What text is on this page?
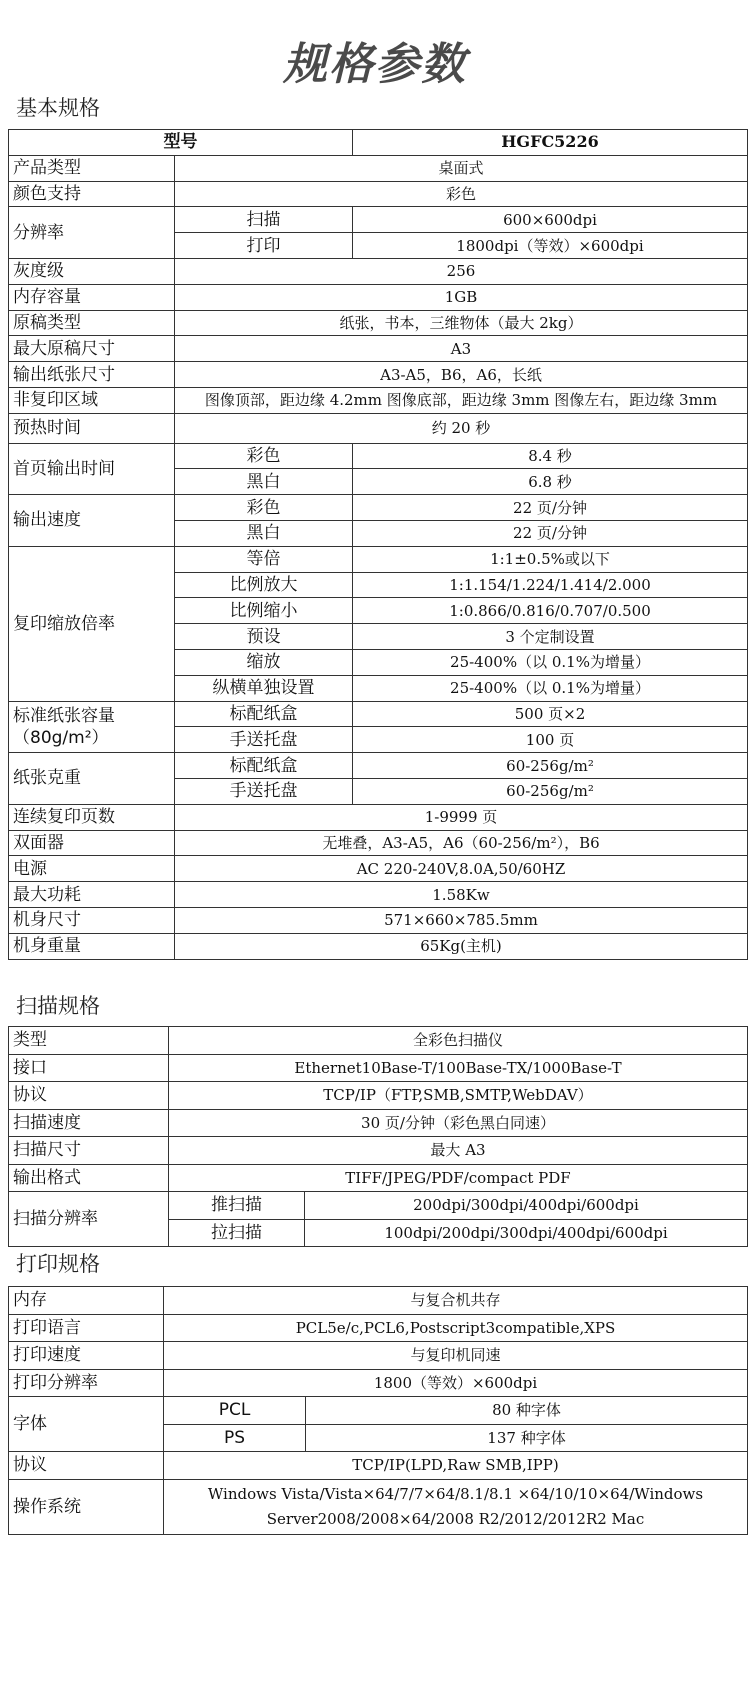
规格参数
基本规格
型号		HGFC5226
产品类型	桌面式	
颜色支持	彩色	
分辨率	扫描	600×600dpi
	打印	1800dpi（等效）×600dpi
灰度级	256	
内存容量	1GB	
原稿类型	纸张，书本，三维物体（最大 2kg）	
最大原稿尺寸	A3	
输出纸张尺寸	A3-A5，B6，A6，长纸	
非复印区域	图像顶部，距边缘 4.2mm 图像底部，距边缘 3mm 图像左右，距边缘 3mm	
预热时间	约 20 秒	
首页输出时间	彩色	8.4 秒
	黑白	6.8 秒
输出速度	彩色	22 页/分钟
	黑白	22 页/分钟
复印缩放倍率	等倍	1:1±0.5%或以下
	比例放大	1:1.154/1.224/1.414/2.000
	比例缩小	1:0.866/0.816/0.707/0.500
	预设	3 个定制设置
	缩放	25-400%（以 0.1%为增量）
	纵横单独设置	25-400%（以 0.1%为增量）

标准纸张容量
（80g/m²）	标配纸盒	500 页×2
	手送托盘	100 页
纸张克重	标配纸盒	60-256g/m²
	手送托盘	60-256g/m²
连续复印页数	1-9999 页	
双面器	无堆叠，A3-A5，A6（60-256/m²），B6	
电源	AC 220-240V,8.0A,50/60HZ	
最大功耗	1.58Kw	
机身尺寸	571×660×785.5mm	
机身重量	65Kg(主机)	
扫描规格
类型	全彩色扫描仪	
接口	Ethernet10Base-T/100Base-TX/1000Base-T	
协议	TCP/IP（FTP,SMB,SMTP,WebDAV）	
扫描速度	30 页/分钟（彩色黑白同速）	
扫描尺寸	最大 A3	
输出格式	TIFF/JPEG/PDF/compact PDF	
扫描分辨率	推扫描	200dpi/300dpi/400dpi/600dpi
	拉扫描	100dpi/200dpi/300dpi/400dpi/600dpi
打印规格
内存	与复合机共存	
打印语言	PCL5e/c,PCL6,Postscript3compatible,XPS	
打印速度	与复印机同速	
打印分辨率	1800（等效）×600dpi	
字体	PCL	80 种字体
	PS	137 种字体
协议	TCP/IP(LPD,Raw SMB,IPP)	
操作系统	Windows Vista/Vista×64/7/7×64/8.1/8.1 ×64/10/10×64/Windows Server2008/2008×64/2008 R2/2012/2012R2 Mac	
